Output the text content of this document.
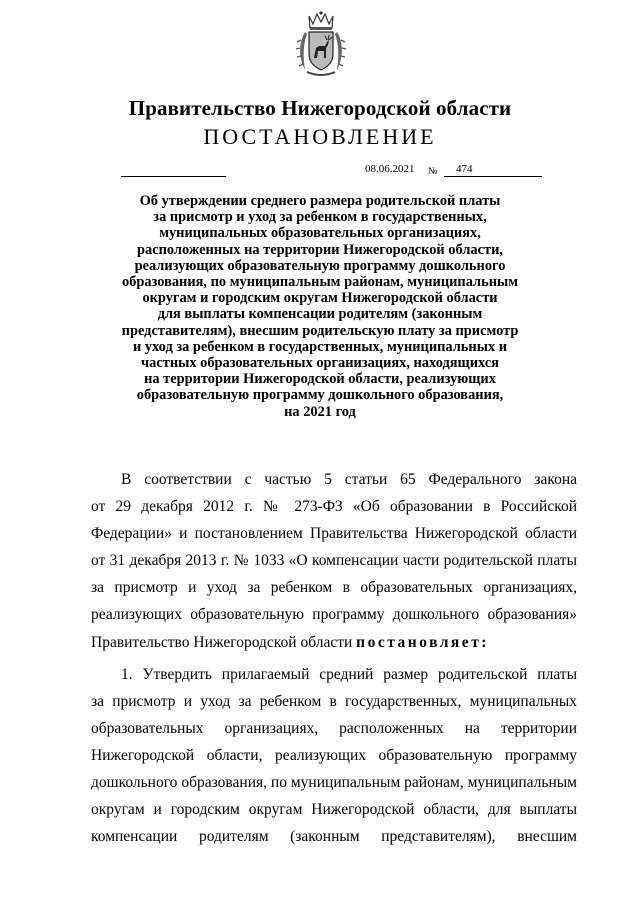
Правительство Нижегородской области
ПОСТАНОВЛЕНИЕ
08.06.2021 № 474
Об утверждении среднего размера родительской платы
за присмотр и уход за ребенком в государственных,
муниципальных образовательных организациях,
расположенных на территории Нижегородской области,
реализующих образовательную программу дошкольного
образования, по муниципальным районам, муниципальным
округам и городским округам Нижегородской области
для выплаты компенсации родителям (законным
представителям), внесшим родительскую плату за присмотр
и уход за ребенком в государственных, муниципальных и
частных образовательных организациях, находящихся
на территории Нижегородской области, реализующих
образовательную программу дошкольного образования,
на 2021 год
В соответствии с частью 5 статьи 65 Федерального закона
от 29 декабря 2012 г. № 273-ФЗ «Об образовании в Российской
Федерации» и постановлением Правительства Нижегородской области
от 31 декабря 2013 г. № 1033 «О компенсации части родительской платы
за присмотр и уход за ребенком в образовательных организациях,
реализующих образовательную программу дошкольного образования»
Правительство Нижегородской области постановляет:
1. Утвердить прилагаемый средний размер родительской платы
за присмотр и уход за ребенком в государственных, муниципальных
образовательных организациях, расположенных на территории
Нижегородской области, реализующих образовательную программу
дошкольного образования, по муниципальным районам, муниципальным
округам и городским округам Нижегородской области, для выплаты
компенсации родителям (законным представителям), внесшим
